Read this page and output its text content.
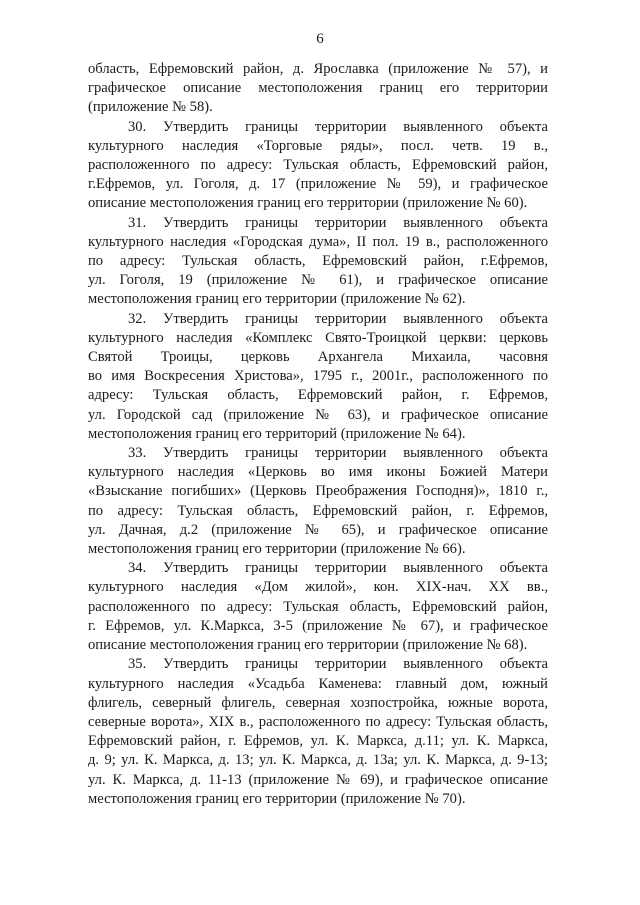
6
область, Ефремовский район, д. Ярославка (приложение № 57), и
графическое описание местоположения границ его территории
(приложение № 58).
30. Утвердить границы территории выявленного объекта
культурного наследия «Торговые ряды», посл. четв. 19 в.,
расположенного по адресу: Тульская область, Ефремовский район,
г.Ефремов, ул. Гоголя, д. 17 (приложение № 59), и графическое
описание местоположения границ его территории (приложение № 60).
31. Утвердить границы территории выявленного объекта
культурного наследия «Городская дума», II пол. 19 в., расположенного
по адресу: Тульская область, Ефремовский район, г.Ефремов,
ул. Гоголя, 19 (приложение № 61), и графическое описание
местоположения границ его территории (приложение № 62).
32. Утвердить границы территории выявленного объекта
культурного наследия «Комплекс Свято-Троицкой церкви: церковь
Святой Троицы, церковь Архангела Михаила, часовня
во имя Воскресения Христова», 1795 г., 2001г., расположенного по
адресу: Тульская область, Ефремовский район, г. Ефремов,
ул. Городской сад (приложение № 63), и графическое описание
местоположения границ его территорий (приложение № 64).
33. Утвердить границы территории выявленного объекта
культурного наследия «Церковь во имя иконы Божией Матери
«Взыскание погибших» (Церковь Преображения Господня)», 1810 г.,
по адресу: Тульская область, Ефремовский район, г. Ефремов,
ул. Дачная, д.2 (приложение № 65), и графическое описание
местоположения границ его территории (приложение № 66).
34. Утвердить границы территории выявленного объекта
культурного наследия «Дом жилой», кон. XIX-нач. XX вв.,
расположенного по адресу: Тульская область, Ефремовский район,
г. Ефремов, ул. К.Маркса, 3-5 (приложение № 67), и графическое
описание местоположения границ его территории (приложение № 68).
35. Утвердить границы территории выявленного объекта
культурного наследия «Усадьба Каменева: главный дом, южный
флигель, северный флигель, северная хозпостройка, южные ворота,
северные ворота», XIX в., расположенного по адресу: Тульская область,
Ефремовский район, г. Ефремов, ул. К. Маркса, д.11; ул. К. Маркса,
д. 9; ул. К. Маркса, д. 13; ул. К. Маркса, д. 13а; ул. К. Маркса, д. 9-13;
ул. К. Маркса, д. 11-13 (приложение № 69), и графическое описание
местоположения границ его территории (приложение № 70).
